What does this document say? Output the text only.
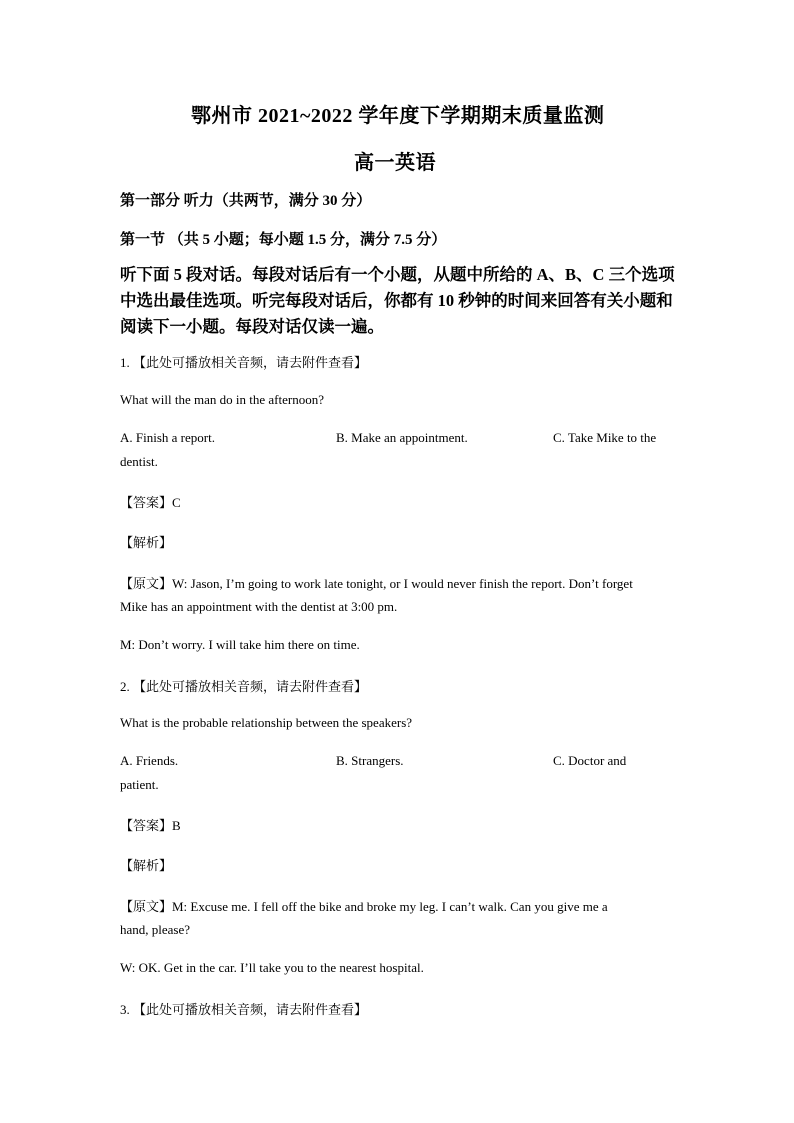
鄂州市 2021~2022 学年度下学期期末质量监测
高一英语
第一部分 听力（共两节，满分 30 分）
第一节 （共 5 小题；每小题 1.5 分，满分 7.5 分）
听下面 5 段对话。每段对话后有一个小题，从题中所给的 A、B、C 三个选项中选出最佳选项。听完每段对话后，你都有 10 秒钟的时间来回答有关小题和阅读下一小题。每段对话仅读一遍。
1. 【此处可播放相关音频，请去附件查看】
What will the man do in the afternoon?
A. Finish a report.	B. Make an appointment.	C. Take Mike to the
dentist.
【答案】C
【解析】
【原文】W: Jason, I’m going to work late tonight, or I would never finish the report. Don’t forget
Mike has an appointment with the dentist at 3:00 pm.
M: Don’t worry. I will take him there on time.
2. 【此处可播放相关音频，请去附件查看】
What is the probable relationship between the speakers?
A. Friends.	B. Strangers.	C. Doctor and
patient.
【答案】B
【解析】
【原文】M: Excuse me. I fell off the bike and broke my leg. I can’t walk. Can you give me a
hand, please?
W: OK. Get in the car. I’ll take you to the nearest hospital.
3. 【此处可播放相关音频，请去附件查看】
